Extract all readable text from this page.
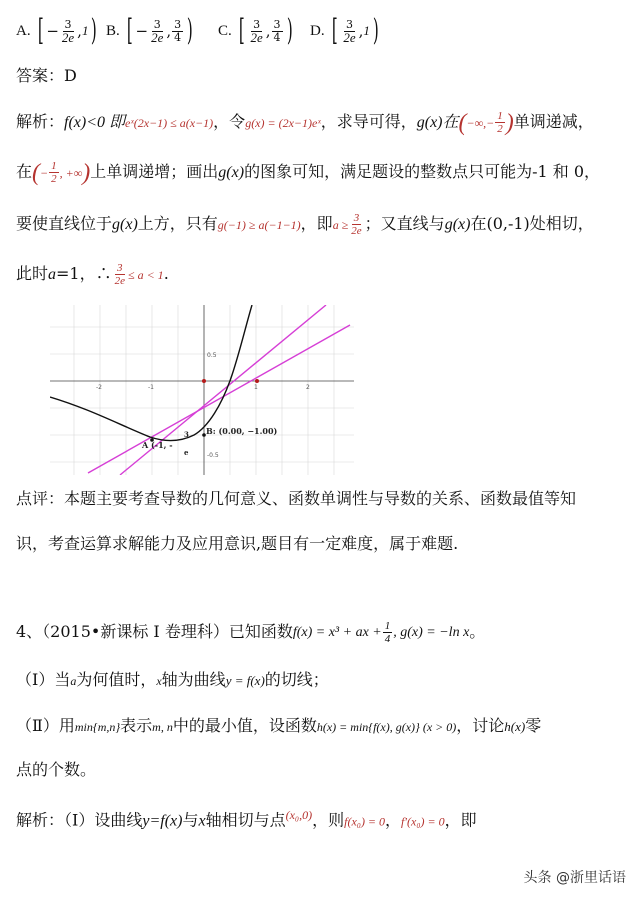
A. [ − $\frac{3}{2e}$ , 1 ) B. [ − $\frac{3}{2e}$ , $\frac{3}{4}$ ) C. [ $\frac{3}{2e}$ , $\frac{3}{4}$ ) D. [ $\frac{3}{2e}$ , 1 )
答案：D
解析：f(x)<0 即eˣ(2x−1) ≤ a(x−1)，令g(x) = (2x−1)eˣ，求导可得，g(x)在 ( −∞,− $\frac{1}{2}$ ) 单调递减，
在 ( − $\frac{1}{2}$ , +∞ ) 上单调递增；画出g(x)的图象可知，满足题设的整数点只可能为-1 和 0，
要使直线位于g(x)上方，只有g(−1) ≥ a(−1−1)，即 $a \ge \frac{3}{2e}$ ；又直线与g(x)在(0,-1)处相切，
此时a=1，∴ $\frac{3}{2e} \le a < 1$ .
-2	-1	1	2
0.5
-0.5
A (-1, -
3
e
B: (0.00, −1.00)
点评：本题主要考查导数的几何意义、函数单调性与导数的关系、函数最值等知
识，考查运算求解能力及应用意识,题目有一定难度，属于难题.
4、（2015•新课标 I 卷理科）已知函数 f(x) = x³ + ax + $\frac{1}{4}$ , g(x) = −ln x 。
（Ⅰ）当a为何值时，x轴为曲线y = f(x)的切线；
（Ⅱ）用min{m,n}表示m, n中的最小值，设函数h(x) = min{f(x), g(x)} (x > 0)，讨论h(x)零
点的个数。
解析：（Ⅰ）设曲线y=f(x)与x轴相切与点$^{(x_0,0)}$，则f(x₀) = 0，f′(x₀) = 0，即
头条 @浙里话语
